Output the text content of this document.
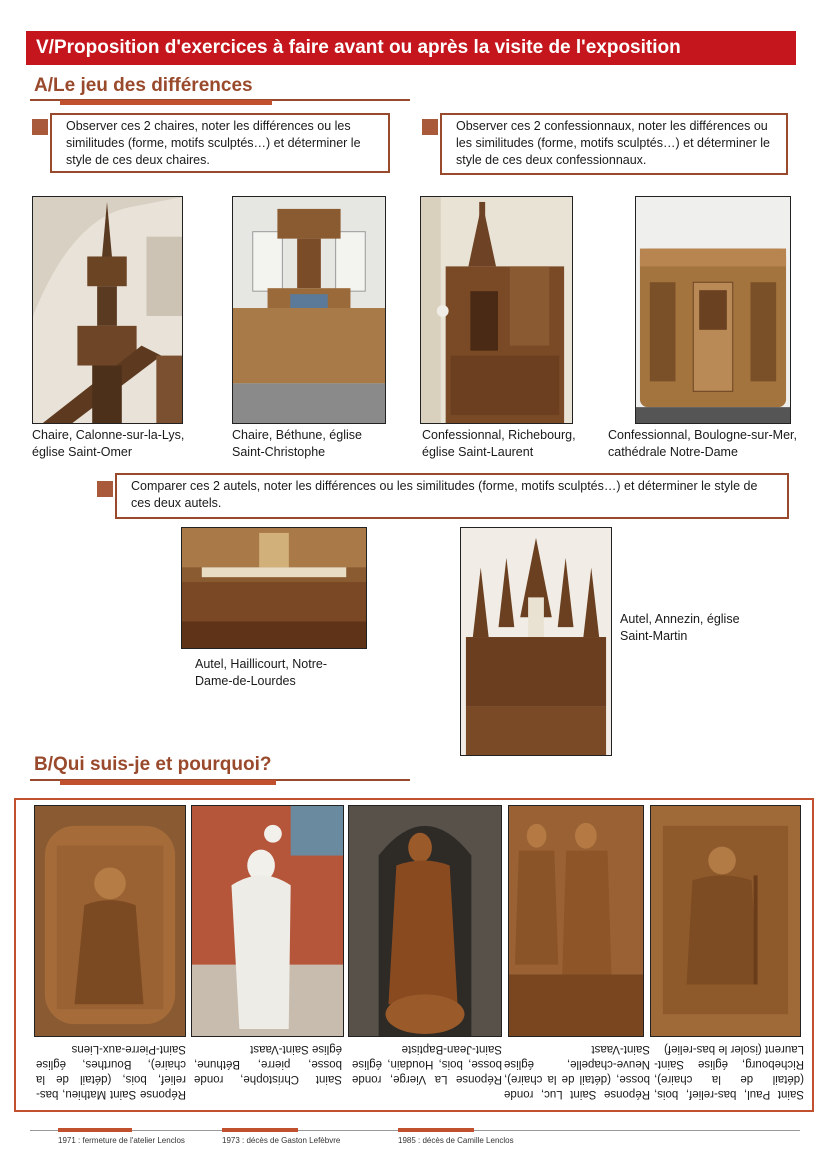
V/Proposition d'exercices à faire avant ou après la visite de l'exposition
A/Le jeu des différences
Observer ces 2 chaires, noter les différences ou les similitudes (forme, motifs sculptés…) et déterminer le style de ces deux chaires.
Observer ces 2 confessionnaux, noter les différences ou les similitudes (forme, motifs sculptés…) et déterminer le style de ces deux confessionnaux.
Chaire, Calonne-sur-la-Lys, église Saint-Omer
Chaire, Béthune, église Saint-Christophe
Confessionnal, Richebourg, église Saint-Laurent
Confessionnal, Boulogne-sur-Mer, cathédrale Notre-Dame
Comparer ces 2 autels, noter les différences ou les similitudes (forme, motifs sculptés…) et déterminer le style de ces deux autels.
Autel, Haillicourt, Notre-Dame-de-Lourdes
Autel, Annezin, église Saint-Martin
B/Qui suis-je et pourquoi?
Réponse Saint Mathieu, bas-relief, bois, (détail de la chaire), Bourthes, église Saint-Pierre-aux-Liens
Saint Christophe, ronde bosse, pierre, Béthune, église Saint-Vaast
Réponse La Vierge, ronde bosse, bois, Houdain, église Saint-Jean-Baptiste
Réponse Saint Luc, ronde bosse, (détail de la chaire), Neuve-chapelle, église Saint-Vaast
Saint Paul, bas-relief, bois, (détail de la chaire), Richebourg, église Saint-Laurent (isoler le bas-relief)
1971 : fermeture de l'atelier Lenclos	1973 : décès de Gaston Lefèbvre	1985 : décès de Camille Lenclos
